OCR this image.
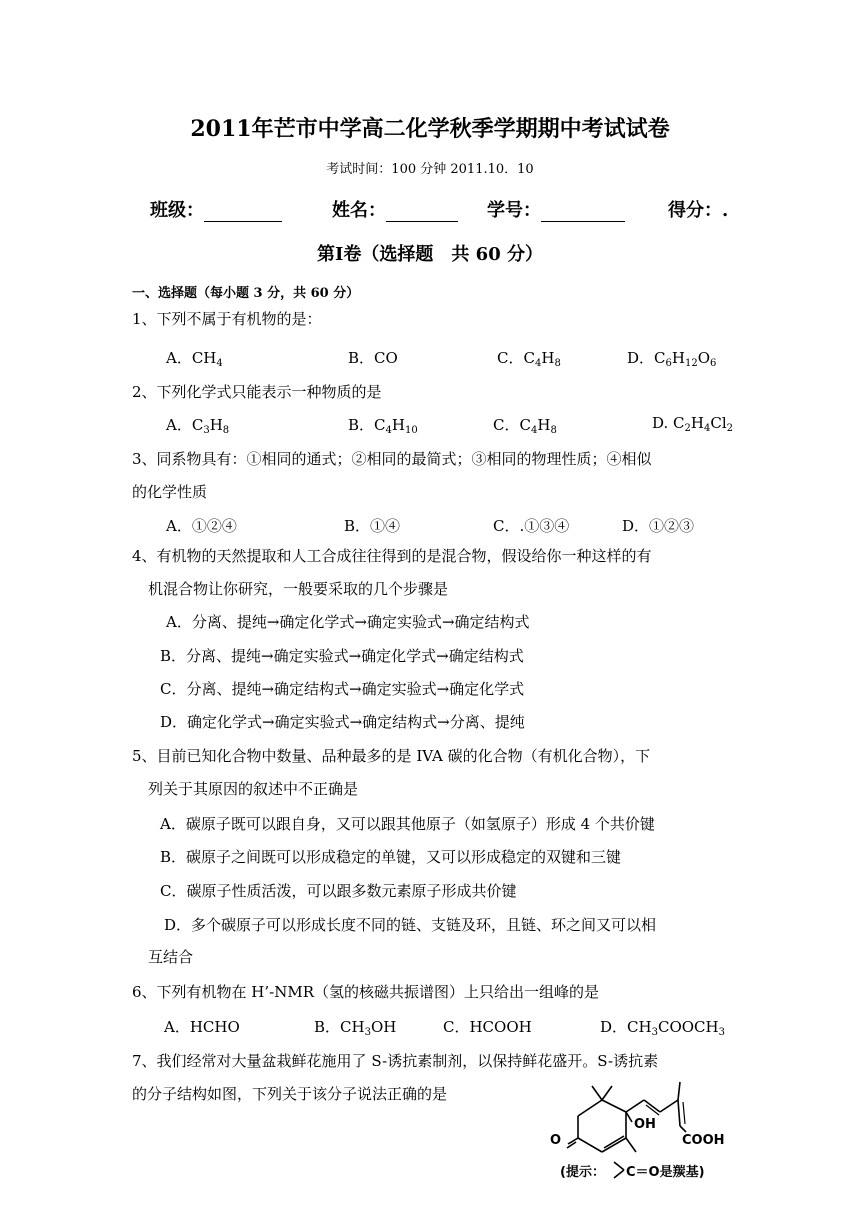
2011年芒市中学高二化学秋季学期期中考试试卷
考试时间：100 分钟 2011.10．10
班级：	姓名：	学号：	得分：.
第Ⅰ卷（选择题　共 60 分）
一、选择题（每小题 3 分，共 60 分）
1、下列不属于有机物的是：
A．$CH_4$	B．CO	C．$C_4H_8$	D．$C_6H_{12}O_6$
2、下列化学式只能表示一种物质的是
A．$C_3H_8$	B．$C_4H_{10}$	C．$C_4H_8$	D. $C_2H_4Cl_2$
3、同系物具有：①相同的通式；②相同的最简式；③相同的物理性质；④相似
的化学性质
A．①②④	B．①④	C．.①③④	D．①②③
4、有机物的天然提取和人工合成往往得到的是混合物，假设给你一种这样的有
机混合物让你研究，一般要采取的几个步骤是
A．分离、提纯→确定化学式→确定实验式→确定结构式
B．分离、提纯→确定实验式→确定化学式→确定结构式
C．分离、提纯→确定结构式→确定实验式→确定化学式
D．确定化学式→确定实验式→确定结构式→分离、提纯
5、目前已知化合物中数量、品种最多的是 IVA 碳的化合物（有机化合物），下
列关于其原因的叙述中不正确是
A．碳原子既可以跟自身，又可以跟其他原子（如氢原子）形成 4 个共价键
B．碳原子之间既可以形成稳定的单键，又可以形成稳定的双键和三键
C．碳原子性质活泼，可以跟多数元素原子形成共价键
D．多个碳原子可以形成长度不同的链、支链及环，且链、环之间又可以相
互结合
6、下列有机物在 H’-NMR（氢的核磁共振谱图）上只给出一组峰的是
A．HCHO	B．$CH_3OH$	C．HCOOH	D．$CH_3COOCH_3$
7、我们经常对大量盆栽鲜花施用了 S-诱抗素制剂，以保持鲜花盛开。S-诱抗素
的分子结构如图，下列关于该分子说法正确的是
OH
COOH
O
(提示： C＝O是羰基)
